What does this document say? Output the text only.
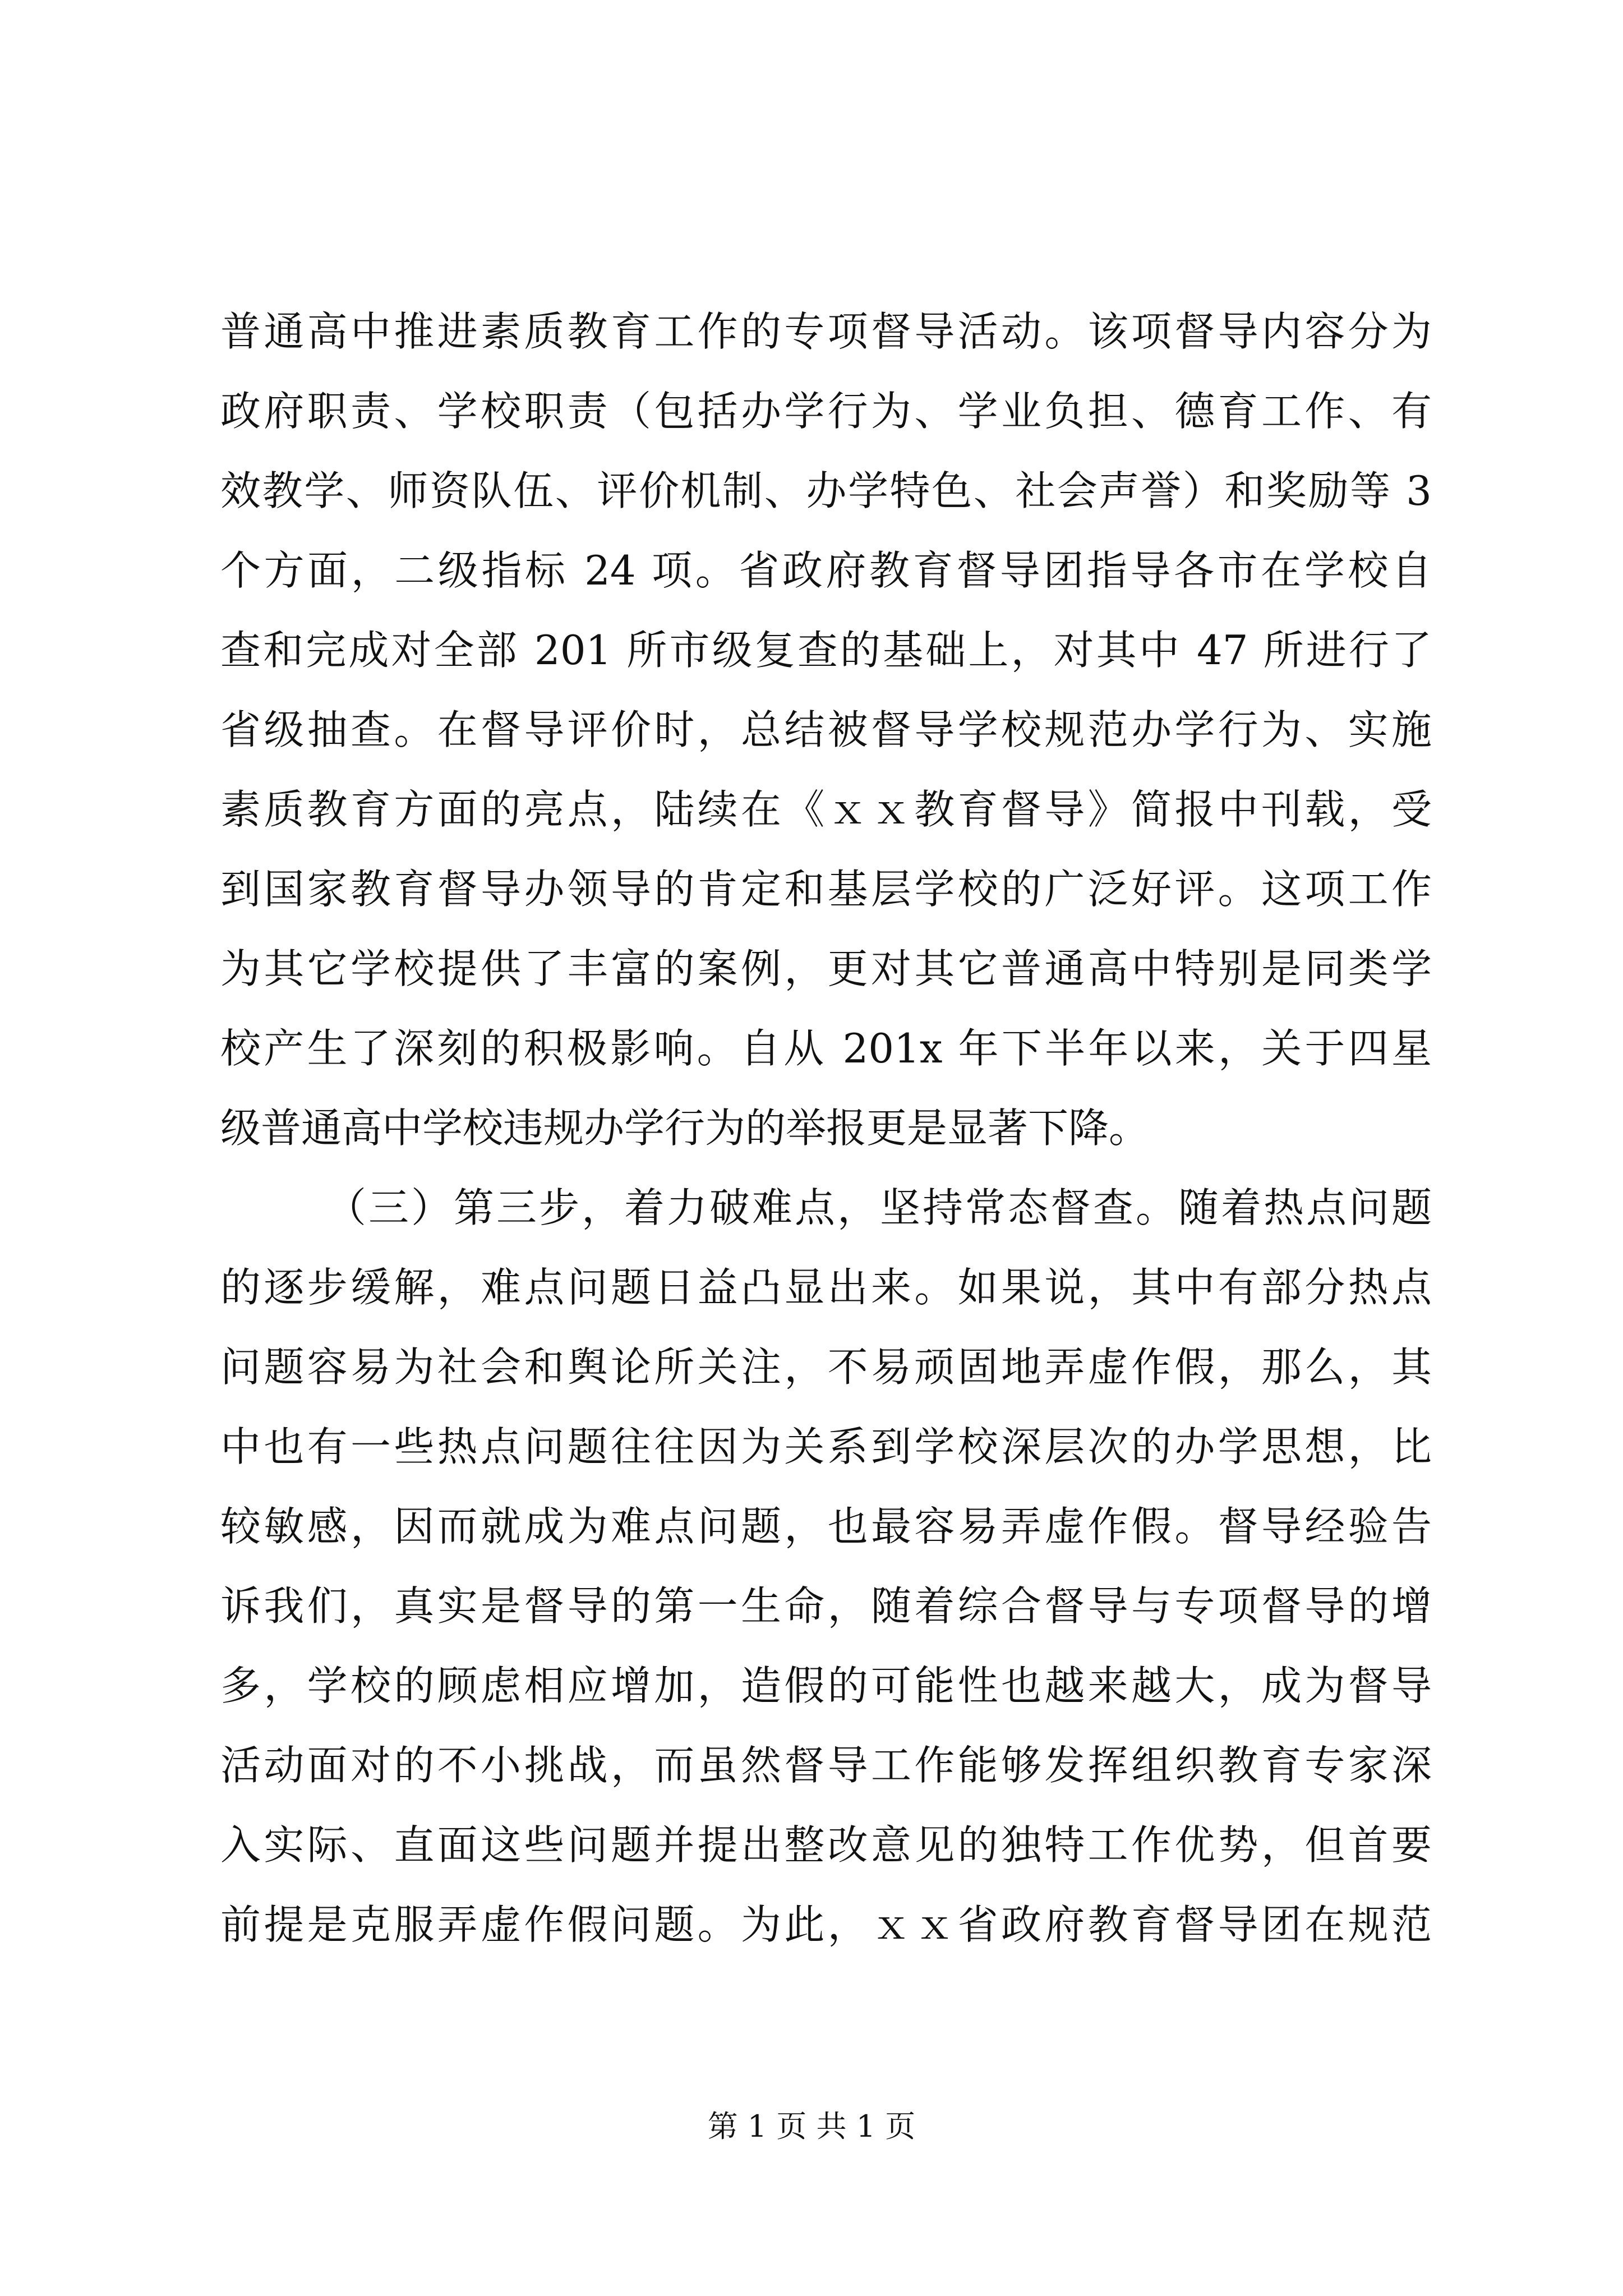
普通高中推进素质教育工作的专项督导活动。该项督导内容分为
政府职责、学校职责（包括办学行为、学业负担、德育工作、有
效教学、师资队伍、评价机制、办学特色、社会声誉）和奖励等 3
个方面，二级指标 24 项。省政府教育督导团指导各市在学校自
查和完成对全部 201 所市级复查的基础上，对其中 47 所进行了
省级抽查。在督导评价时，总结被督导学校规范办学行为、实施
素质教育方面的亮点，陆续在《ｘｘ教育督导》简报中刊载，受
到国家教育督导办领导的肯定和基层学校的广泛好评。这项工作
为其它学校提供了丰富的案例，更对其它普通高中特别是同类学
校产生了深刻的积极影响。自从 201x 年下半年以来，关于四星
级普通高中学校违规办学行为的举报更是显著下降。
（三）第三步，着力破难点，坚持常态督查。随着热点问题
的逐步缓解，难点问题日益凸显出来。如果说，其中有部分热点
问题容易为社会和舆论所关注，不易顽固地弄虚作假，那么，其
中也有一些热点问题往往因为关系到学校深层次的办学思想，比
较敏感，因而就成为难点问题，也最容易弄虚作假。督导经验告
诉我们，真实是督导的第一生命，随着综合督导与专项督导的增
多，学校的顾虑相应增加，造假的可能性也越来越大，成为督导
活动面对的不小挑战，而虽然督导工作能够发挥组织教育专家深
入实际、直面这些问题并提出整改意见的独特工作优势，但首要
前提是克服弄虚作假问题。为此，ｘｘ省政府教育督导团在规范
第 1 页 共 1 页
